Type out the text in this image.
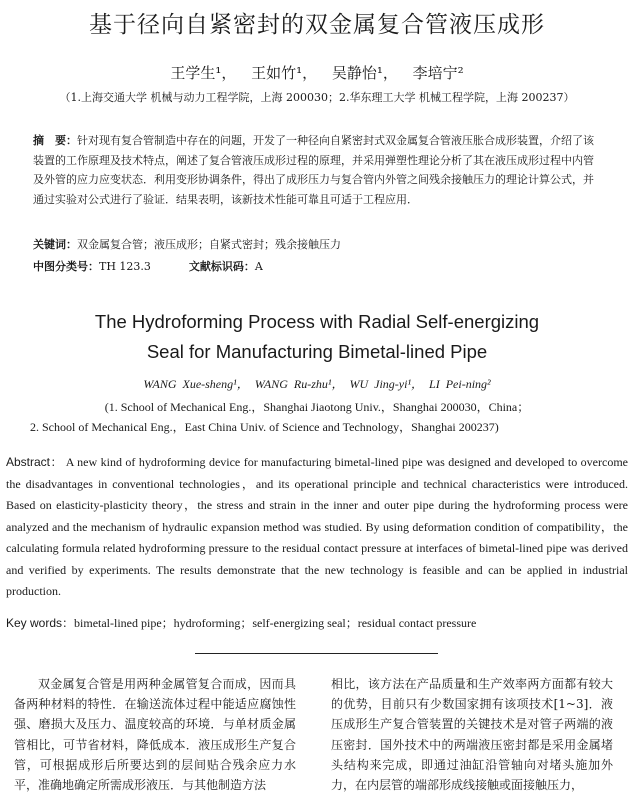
基于径向自紧密封的双金属复合管液压成形
王学生¹， 王如竹¹， 吴静怡¹， 李培宁²
（1.上海交通大学 机械与动力工程学院，上海 200030；2.华东理工大学 机械工程学院，上海 200237）
摘　要：针对现有复合管制造中存在的问题，开发了一种径向自紧密封式双金属复合管液压胀合成形装置，介绍了该装置的工作原理及技术特点，阐述了复合管液压成形过程的原理，并采用弹塑性理论分析了其在液压成形过程中内管及外管的应力应变状态．利用变形协调条件，得出了成形压力与复合管内外管之间残余接触压力的理论计算公式，并通过实验对公式进行了验证．结果表明，该新技术性能可靠且可适于工程应用．
关键词：双金属复合管；液压成形；自紧式密封；残余接触压力
中图分类号：TH 123.3	文献标识码：A
The Hydroforming Process with Radial Self-energizing
Seal for Manufacturing Bimetal-lined Pipe
WANG Xue-sheng¹，　WANG Ru-zhu¹，　WU Jing-yi¹，　LI Pei-ning²
(1. School of Mechanical Eng.，Shanghai Jiaotong Univ.，Shanghai 200030，China；
2. School of Mechanical Eng.，East China Univ. of Science and Technology，Shanghai 200237)
Abstract： A new kind of hydroforming device for manufacturing bimetal-lined pipe was designed and developed to overcome the disadvantages in conventional technologies，and its operational principle and technical characteristics were introduced. Based on elasticity-plasticity theory，the stress and strain in the inner and outer pipe during the hydroforming process were analyzed and the mechanism of hydraulic expansion method was studied. By using deformation condition of compatibility，the calculating formula related hydroforming pressure to the residual contact pressure at interfaces of bimetal-lined pipe was derived and verified by experiments. The results demonstrate that the new technology is feasible and can be applied in industrial production.
Key words：bimetal-lined pipe；hydroforming；self-energizing seal；residual contact pressure
双金属复合管是用两种金属管复合而成，因而具备两种材料的特性．在输送流体过程中能适应腐蚀性强、磨损大及压力、温度较高的环境．与单材质金属管相比，可节省材料，降低成本．液压成形生产复合管，可根据成形后所要达到的层间贴合残余应力水平，准确地确定所需成形液压．与其他制造方法
相比，该方法在产品质量和生产效率两方面都有较大的优势，目前只有少数国家拥有该项技术[1~3]．液压成形生产复合管装置的关键技术是对管子两端的液压密封．国外技术中的两端液压密封都是采用金属堵头结构来完成，即通过油缸沿管轴向对堵头施加外力，在内层管的端部形成线接触或面接触压力，
